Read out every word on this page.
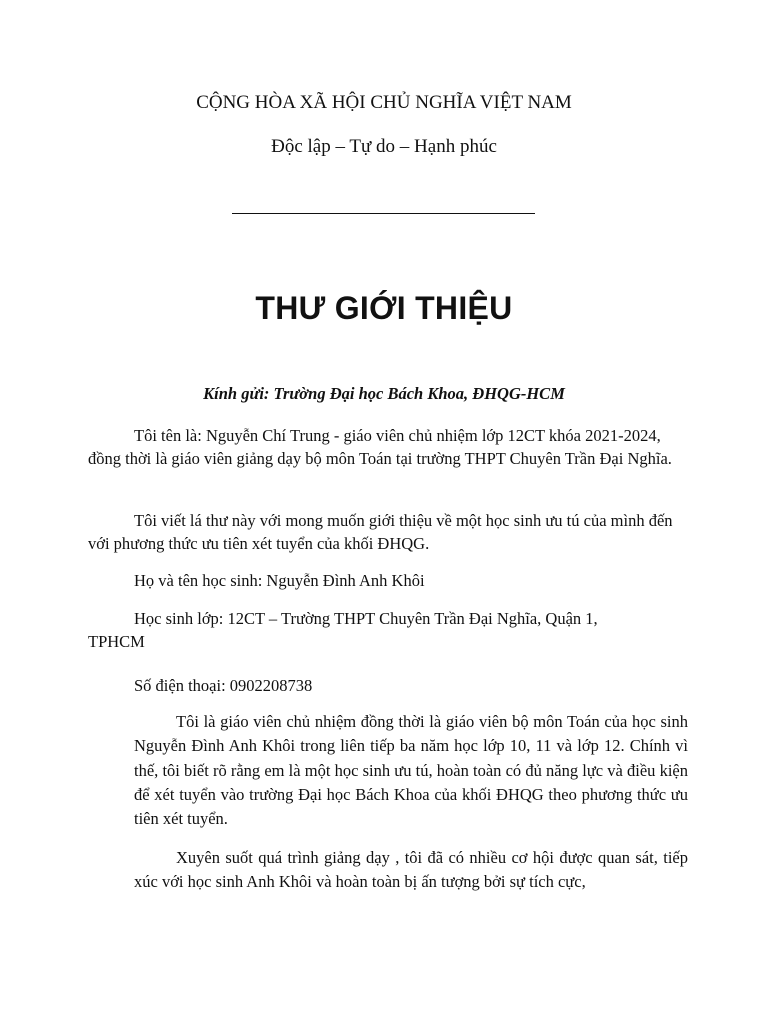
CỘNG HÒA XÃ HỘI CHỦ NGHĨA VIỆT NAM
Độc lập – Tự do – Hạnh phúc
THƯ GIỚI THIỆU
Kính gửi: Trường Đại học Bách Khoa, ĐHQG-HCM

Tôi tên là: Nguyễn Chí Trung - giáo viên chủ nhiệm lớp 12CT khóa 2021-2024, đồng thời là giáo viên giảng dạy bộ môn Toán tại trường THPT Chuyên Trần Đại Nghĩa.

Tôi viết lá thư này với mong muốn giới thiệu về một học sinh ưu tú của mình đến với phương thức ưu tiên xét tuyển của khối ĐHQG.

Họ và tên học sinh: Nguyễn Đình Anh Khôi

Học sinh lớp: 12CT – Trường THPT Chuyên Trần Đại Nghĩa, Quận 1, TPHCM

Số điện thoại: 0902208738

Tôi là giáo viên chủ nhiệm đồng thời là giáo viên bộ môn Toán của học sinh Nguyễn Đình Anh Khôi trong liên tiếp ba năm học lớp 10, 11 và lớp 12. Chính vì thế, tôi biết rõ rằng em là một học sinh ưu tú, hoàn toàn có đủ năng lực và điều kiện để xét tuyển vào trường Đại học Bách Khoa của khối ĐHQG theo phương thức ưu tiên xét tuyển.

Xuyên suốt quá trình giảng dạy , tôi đã có nhiều cơ hội được quan sát, tiếp xúc với học sinh Anh Khôi và hoàn toàn bị ấn tượng bởi sự tích cực,
